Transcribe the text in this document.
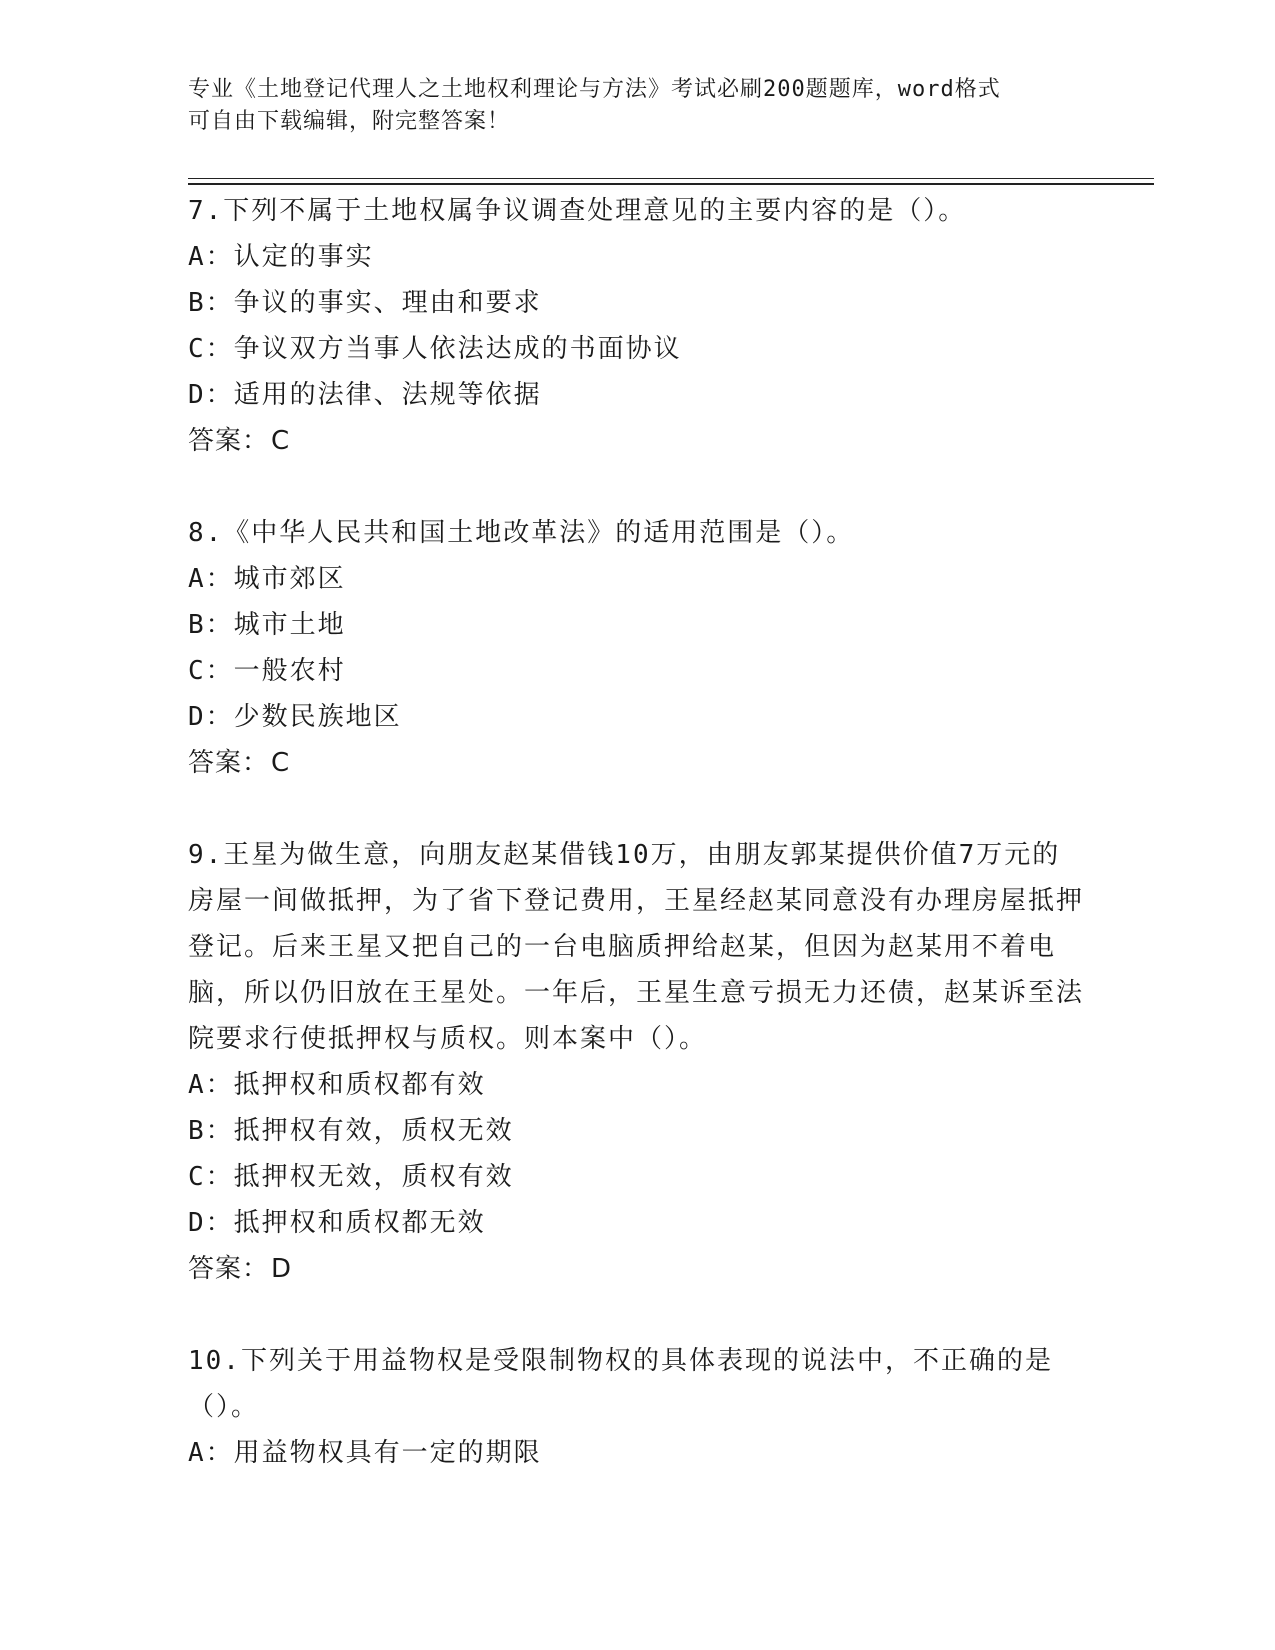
专业《土地登记代理人之土地权利理论与方法》考试必刷200题题库，word格式
可自由下载编辑，附完整答案！

7.下列不属于土地权属争议调查处理意见的主要内容的是（）。

A：认定的事实

B：争议的事实、理由和要求

C：争议双方当事人依法达成的书面协议

D：适用的法律、法规等依据

答案：C

8.《中华人民共和国土地改革法》的适用范围是（）。

A：城市郊区

B：城市土地

C：一般农村

D：少数民族地区

答案：C

9.王星为做生意，向朋友赵某借钱10万，由朋友郭某提供价值7万元的房屋一间做抵押，为了省下登记费用，王星经赵某同意没有办理房屋抵押登记。后来王星又把自己的一台电脑质押给赵某，但因为赵某用不着电脑，所以仍旧放在王星处。一年后，王星生意亏损无力还债，赵某诉至法院要求行使抵押权与质权。则本案中（）。

A：抵押权和质权都有效

B：抵押权有效，质权无效

C：抵押权无效，质权有效

D：抵押权和质权都无效

答案：D

10.下列关于用益物权是受限制物权的具体表现的说法中，不正确的是（）。

A：用益物权具有一定的期限
